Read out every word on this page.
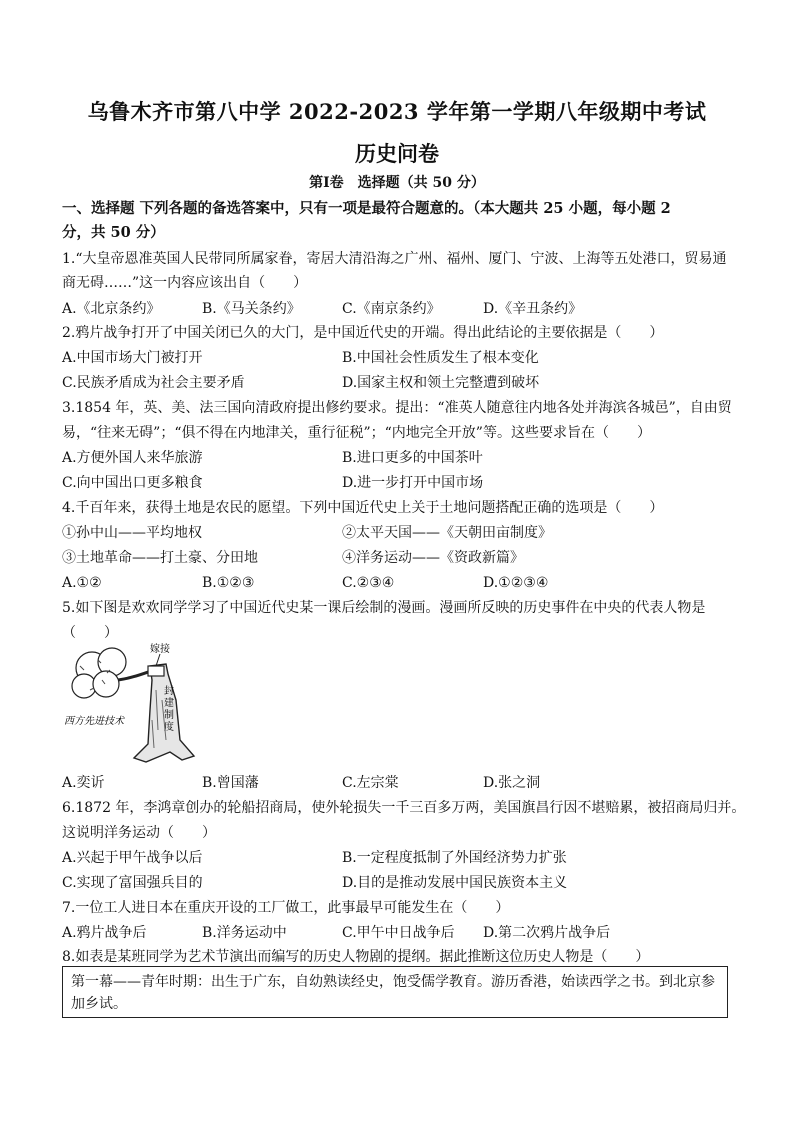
乌鲁木齐市第八中学 2022-2023 学年第一学期八年级期中考试
历史问卷
第Ⅰ卷　选择题（共 50 分）
一、选择题 下列各题的备选答案中，只有一项是最符合题意的。（本大题共 25 小题，每小题 2
分，共 50 分）
1.“大皇帝恩准英国人民带同所属家眷，寄居大清沿海之广州、福州、厦门、宁波、上海等五处港口，贸易通
商无碍……”这一内容应该出自（　　）
A.《北京条约》	B.《马关条约》	C.《南京条约》	D.《辛丑条约》
2.鸦片战争打开了中国关闭已久的大门，是中国近代史的开端。得出此结论的主要依据是（　　）
A.中国市场大门被打开	B.中国社会性质发生了根本变化
C.民族矛盾成为社会主要矛盾	D.国家主权和领土完整遭到破坏
3.1854 年，英、美、法三国向清政府提出修约要求。提出：“准英人随意往内地各处并海滨各城邑”，自由贸
易，“往来无碍”；“俱不得在内地津关，重行征税”；“内地完全开放”等。这些要求旨在（　　）
A.方便外国人来华旅游	B.进口更多的中国茶叶
C.向中国出口更多粮食	D.进一步打开中国市场
4.千百年来，获得土地是农民的愿望。下列中国近代史上关于土地问题搭配正确的选项是（　　）
①孙中山——平均地权	②太平天国——《天朝田亩制度》
③土地革命——打土豪、分田地	④洋务运动——《资政新篇》
A.①②	B.①②③	C.②③④	D.①②③④
5.如下图是欢欢同学学习了中国近代史某一课后绘制的漫画。漫画所反映的历史事件在中央的代表人物是
（　　）
嫁接
封 建 制 度
西方先进技术
A.奕䜣	B.曾国藩	C.左宗棠	D.张之洞
6.1872 年，李鸿章创办的轮船招商局，使外轮损失一千三百多万两，美国旗昌行因不堪赔累，被招商局归并。
这说明洋务运动（　　）
A.兴起于甲午战争以后	B.一定程度抵制了外国经济势力扩张
C.实现了富国强兵目的	D.目的是推动发展中国民族资本主义
7.一位工人进日本在重庆开设的工厂做工，此事最早可能发生在（　　）
A.鸦片战争后	B.洋务运动中	C.甲午中日战争后 D.第二次鸦片战争后
8.如表是某班同学为艺术节演出而编写的历史人物剧的提纲。据此推断这位历史人物是（　　）
第一幕——青年时期：出生于广东，自幼熟读经史，饱受儒学教育。游历香港，始读西学之书。到北京参
加乡试。
